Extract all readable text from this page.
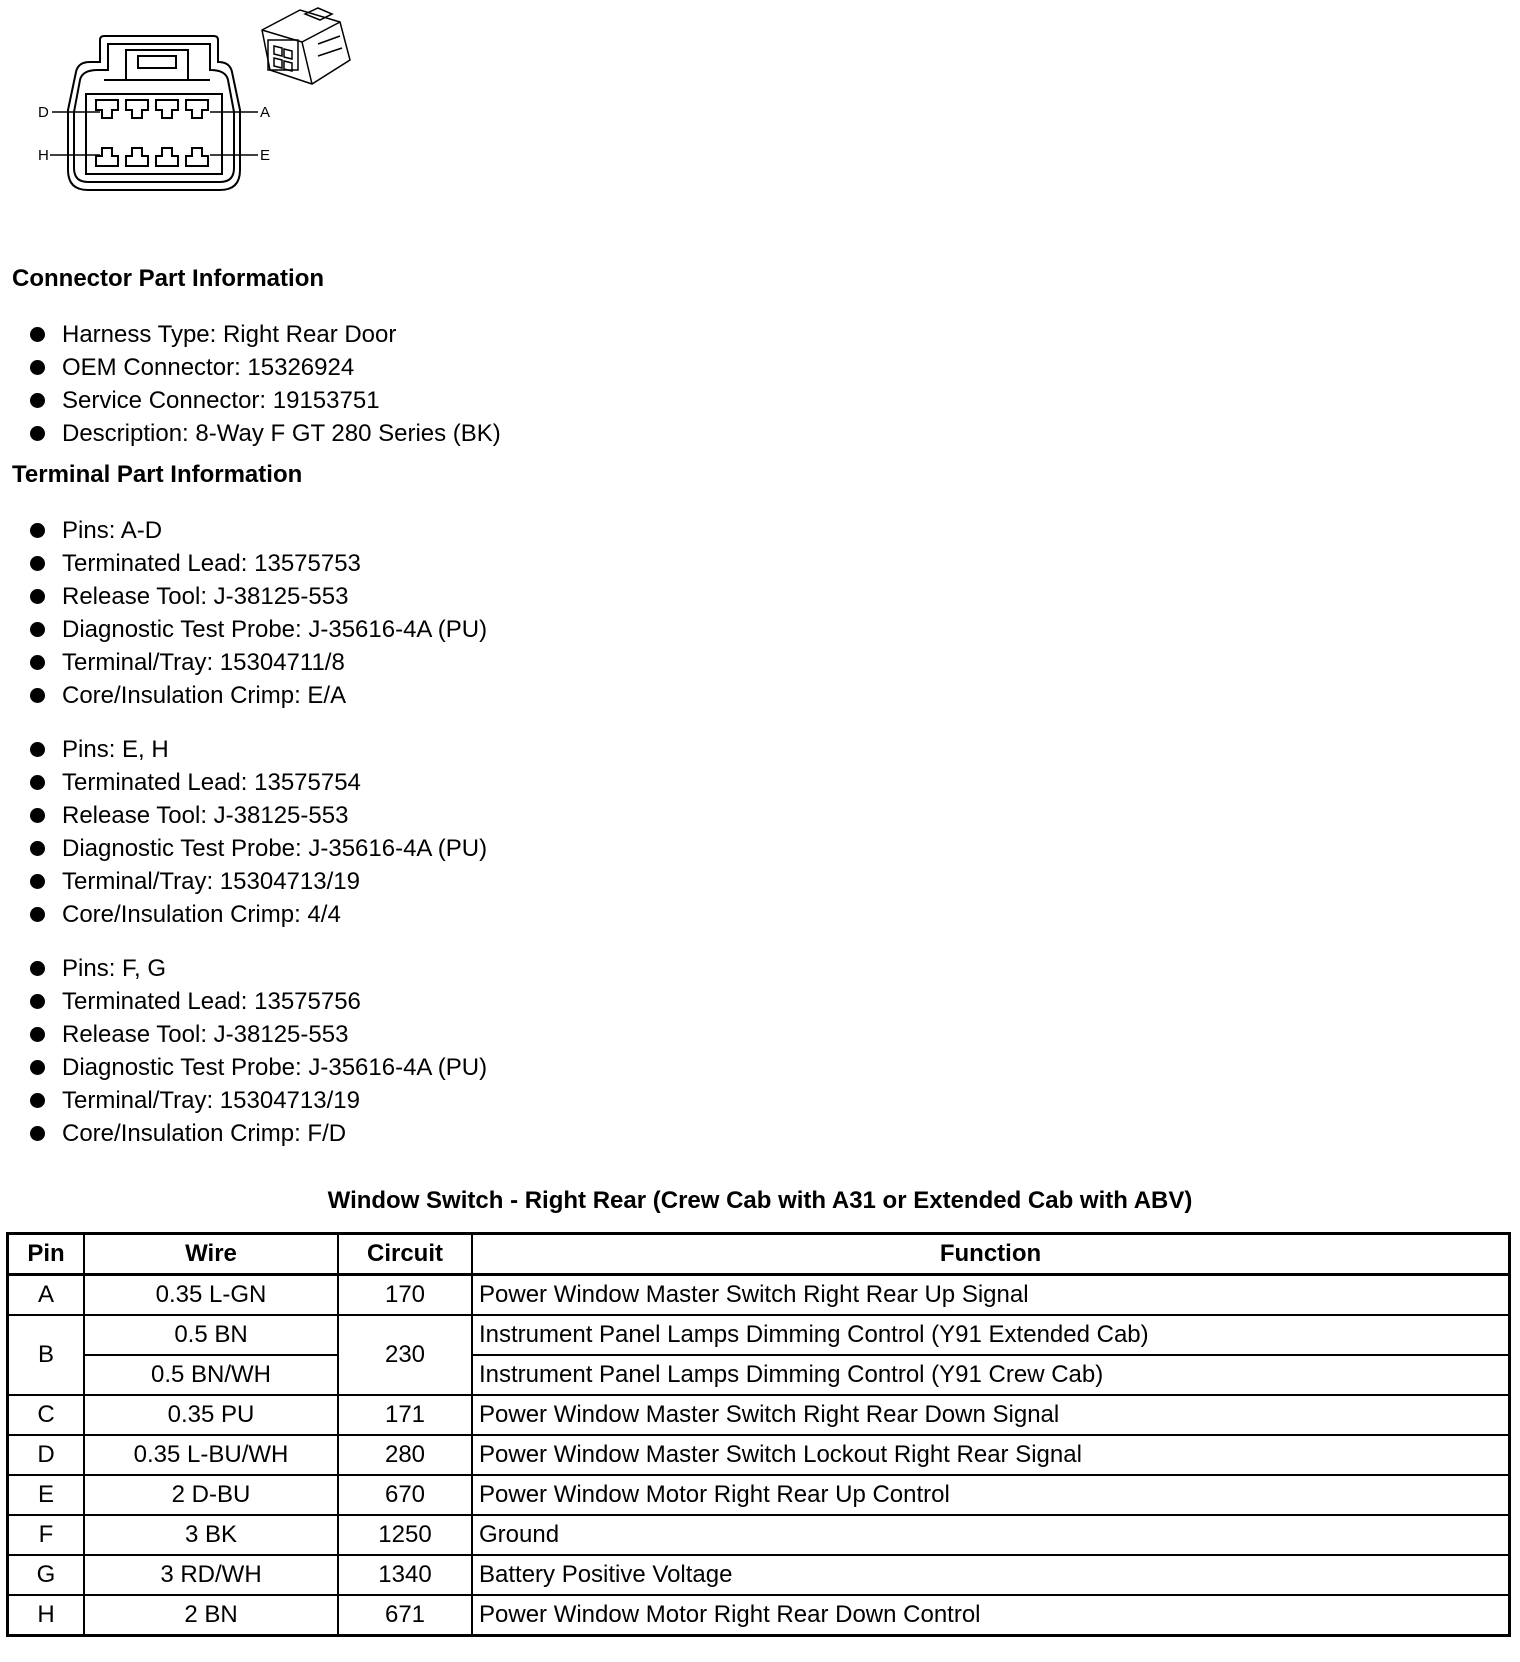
D	A
H	E
Connector Part Information
Harness Type: Right Rear Door
OEM Connector: 15326924
Service Connector: 19153751
Description: 8-Way F GT 280 Series (BK)
Terminal Part Information
Pins: A-D
Terminated Lead: 13575753
Release Tool: J-38125-553
Diagnostic Test Probe: J-35616-4A (PU)
Terminal/Tray: 15304711/8
Core/Insulation Crimp: E/A
Pins: E, H
Terminated Lead: 13575754
Release Tool: J-38125-553
Diagnostic Test Probe: J-35616-4A (PU)
Terminal/Tray: 15304713/19
Core/Insulation Crimp: 4/4
Pins: F, G
Terminated Lead: 13575756
Release Tool: J-38125-553
Diagnostic Test Probe: J-35616-4A (PU)
Terminal/Tray: 15304713/19
Core/Insulation Crimp: F/D
Window Switch - Right Rear (Crew Cab with A31 or Extended Cab with ABV)
Pin	Wire	Circuit	Function
A	0.35 L-GN	170	Power Window Master Switch Right Rear Up Signal
B	0.5 BN	230	Instrument Panel Lamps Dimming Control (Y91 Extended Cab)
	0.5 BN/WH		Instrument Panel Lamps Dimming Control (Y91 Crew Cab)
C	0.35 PU	171	Power Window Master Switch Right Rear Down Signal
D	0.35 L-BU/WH	280	Power Window Master Switch Lockout Right Rear Signal
E	2 D-BU	670	Power Window Motor Right Rear Up Control
F	3 BK	1250	Ground
G	3 RD/WH	1340	Battery Positive Voltage
H	2 BN	671	Power Window Motor Right Rear Down Control
